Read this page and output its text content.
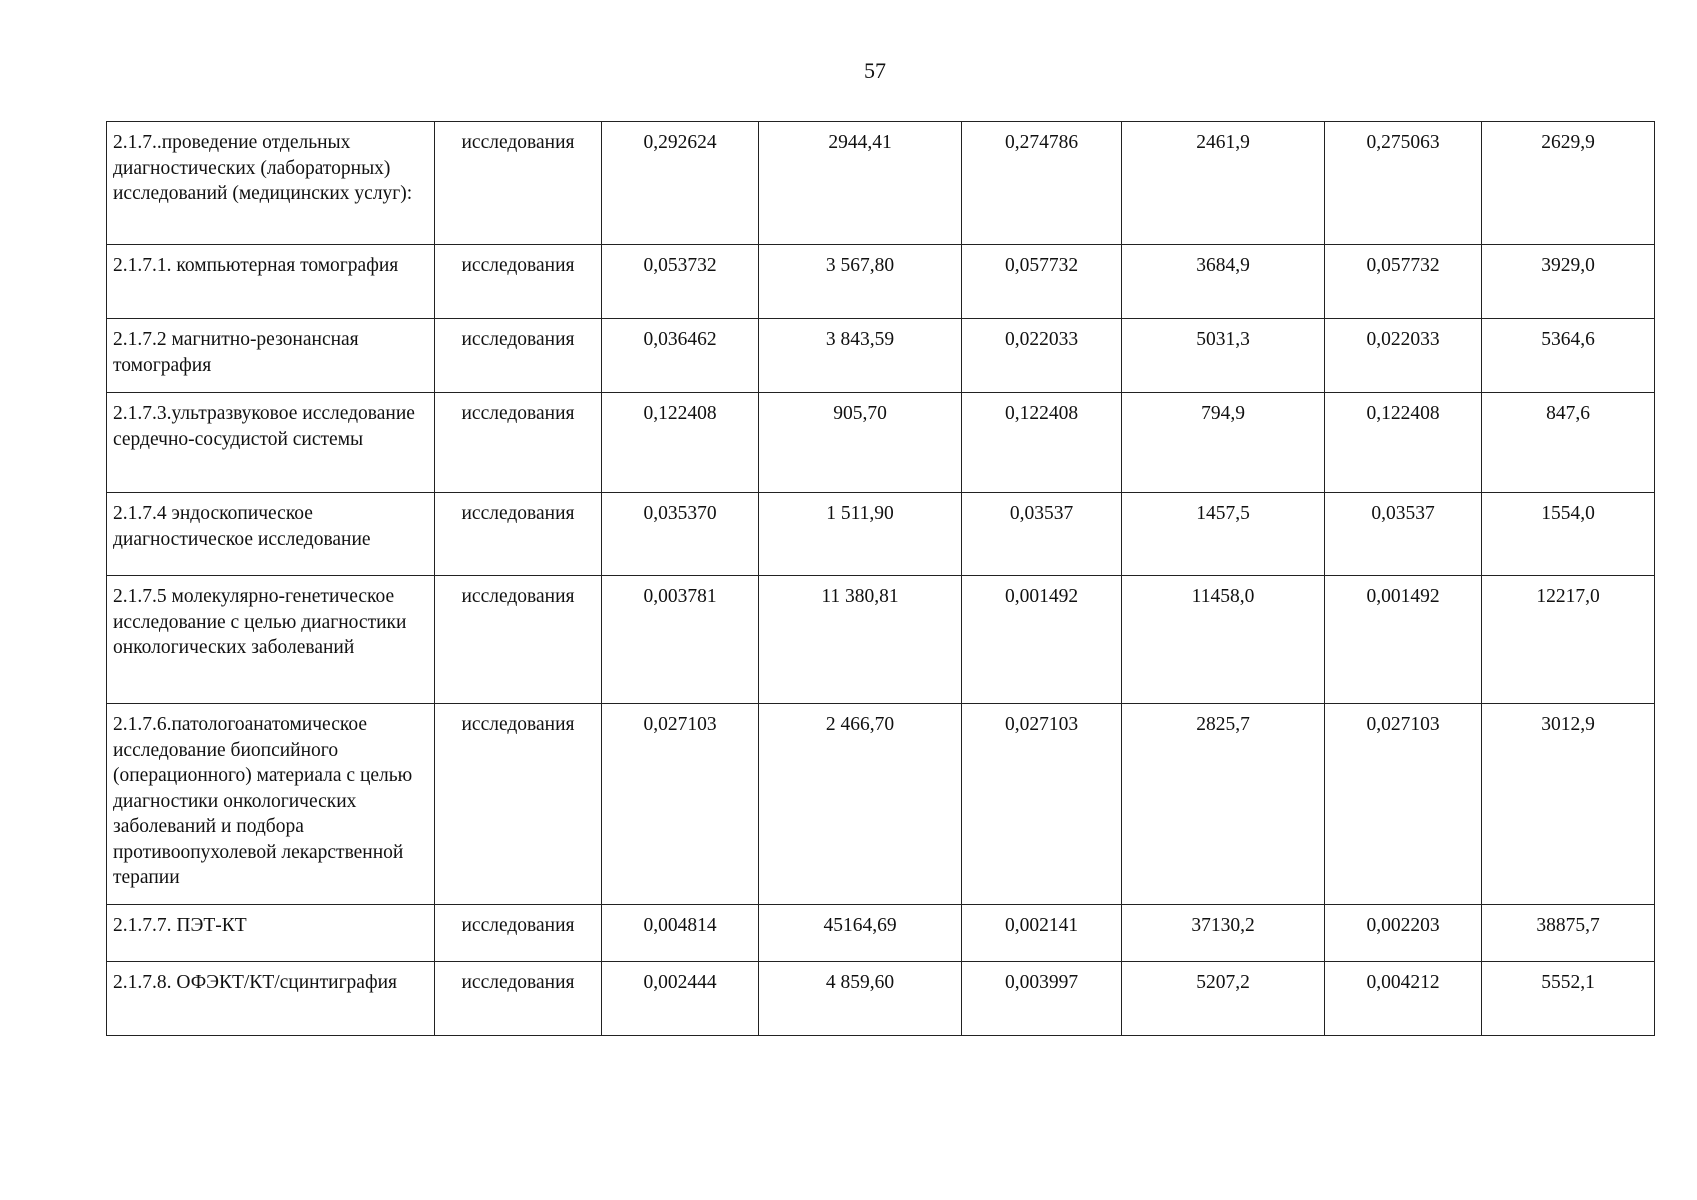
57
2.1.7..проведение отдельных диагностических (лабораторных) исследований (медицинских услуг):	исследования	0,292624	2944,41	0,274786	2461,9	0,275063	2629,9
2.1.7.1. компьютерная томография	исследования	0,053732	3 567,80	0,057732	3684,9	0,057732	3929,0
2.1.7.2 магнитно-резонансная томография	исследования	0,036462	3 843,59	0,022033	5031,3	0,022033	5364,6
2.1.7.3.ультразвуковое исследование сердечно-сосудистой системы	исследования	0,122408	905,70	0,122408	794,9	0,122408	847,6
2.1.7.4 эндоскопическое диагностическое исследование	исследования	0,035370	1 511,90	0,03537	1457,5	0,03537	1554,0
2.1.7.5 молекулярно-генетическое исследование с целью диагностики онкологических заболеваний	исследования	0,003781	11 380,81	0,001492	11458,0	0,001492	12217,0
2.1.7.6.патологоанатомическое исследование биопсийного (операционного) материала с целью диагностики онкологических заболеваний и подбора противоопухолевой лекарственной терапии	исследования	0,027103	2 466,70	0,027103	2825,7	0,027103	3012,9
2.1.7.7. ПЭТ-КТ	исследования	0,004814	45164,69	0,002141	37130,2	0,002203	38875,7
2.1.7.8. ОФЭКТ/КТ/сцинтиграфия	исследования	0,002444	4 859,60	0,003997	5207,2	0,004212	5552,1
